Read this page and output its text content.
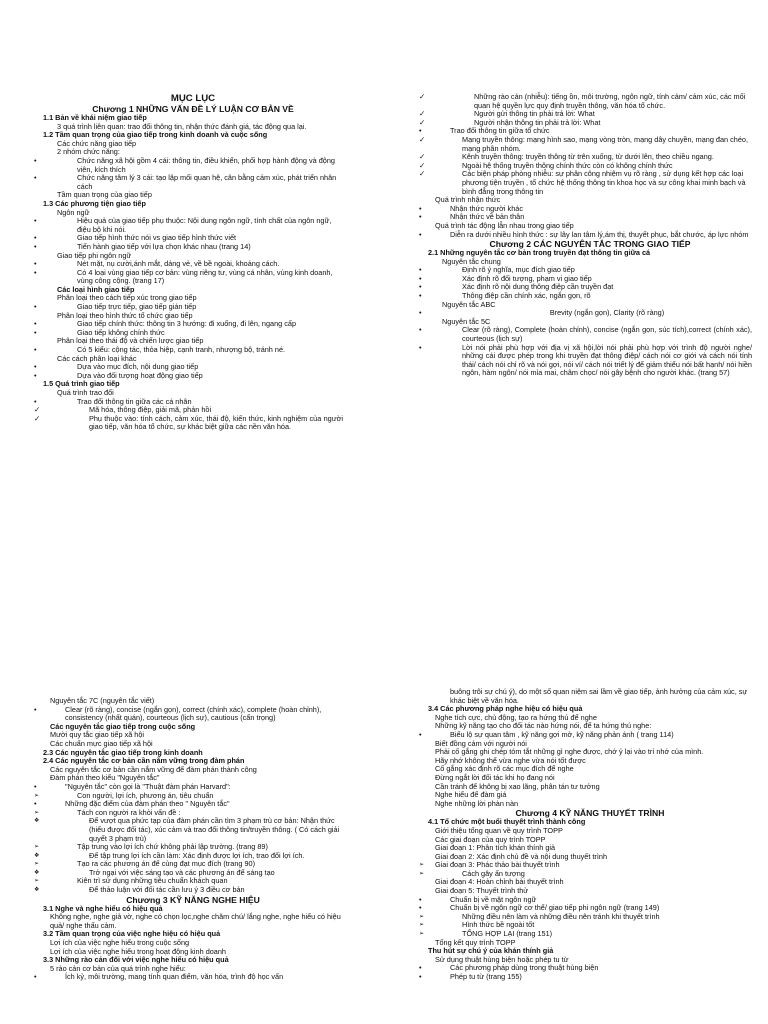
MỤC LỤC
Chương 1 NHỮNG VẤN ĐỀ LÝ LUẬN CƠ BẢN VỀ
1.1 Bản về khái niệm giao tiếp
3 quá trình liên quan: trao đổi thông tin, nhận thức đánh giá, tác động qua lại.
1.2 Tầm quan trọng của giao tiếp trong kinh doanh và cuộc sống
Các chức năng giao tiếp
2 nhóm chức năng:
• Chức năng xã hội gồm 4 cái: thông tin, điều khiển, phối hợp hành động và động viên, kích thích
• Chức năng tâm lý 3 cái: tạo lập mối quan hệ, cân bằng cảm xúc, phát triển nhân cách
Tầm quan trọng của giao tiếp
1.3 Các phương tiện giao tiếp
Ngôn ngữ
• Hiệu quả của giao tiếp phụ thuộc: Nội dung ngôn ngữ, tính chất của ngôn ngữ, điệu bộ khi nói.
• Giao tiếp hình thức nói vs giao tiếp hình thức viết
• Tiến hành giao tiếp với lựa chọn khác nhau (trang 14)
Giao tiếp phi ngôn ngữ
• Nét mặt, nụ cười,ánh mắt, dáng vẻ, về bề ngoài, khoảng cách.
• Có 4 loại vùng giao tiếp cơ bản: vùng riêng tư, vùng cá nhân, vùng kinh doanh, vùng công cộng. (trang 17)
Các loại hình giao tiếp
Phân loại theo cách tiếp xúc trong giao tiếp
• Giao tiếp trực tiếp, giao tiếp gián tiếp
Phân loại theo hình thức tổ chức giao tiếp
• Giao tiếp chính thức: thông tin 3 hướng: đi xuống, đi lên, ngang cấp
• Giao tiếp không chính thức
Phân loại theo thái độ và chiến lược giao tiếp
• Có 5 kiểu: cộng tác, thỏa hiệp, cạnh tranh, nhượng bộ, tránh né.
Các cách phân loại khác
• Dựa vào mục đích, nội dung giao tiếp
• Dựa vào đối tượng hoạt động giao tiếp
1.5 Quá trình giao tiếp
Quá trình trao đổi
• Trao đổi thông tin giữa các cá nhân
✓ Mã hóa, thông điệp, giải mã, phản hồi
✓ Phụ thuộc vào: tính cách, cảm xúc, thái độ, kiến thức, kinh nghiệm của người giao tiếp, văn hóa tổ chức, sự khác biệt giữa các nền văn hóa.
✓ Những rào cản (nhiễu): tiếng ồn, môi trường, ngôn ngữ, tính cảm/ cảm xúc, các mối quan hệ quyền lực quy định truyền thông, văn hóa tổ chức.
✓ Người gửi thông tin phải trả lời: What
✓ Người nhận thông tin phải trả lời: What
• Trao đổi thông tin giữa tổ chức
✓ Mạng truyền thông: mạng hình sao, mạng vòng tròn, mạng dây chuyền, mạng đan chéo, mạng phân nhóm.
✓ Kênh truyền thông: truyền thông từ trên xuống, từ dưới lên, theo chiều ngang.
✓ Ngoài hệ thống truyền thông chính thức còn có không chính thức
✓ Các biện pháp phòng nhiễu: sự phân công nhiệm vụ rõ ràng , sử dụng kết hợp các loại phương tiện truyền , tổ chức hệ thống thông tin khoa học và sự công khai minh bạch và bình đẳng trong thông tin
Quá trình nhận thức
• Nhận thức người khác
• Nhận thức về bản thân
Quá trình tác động lẫn nhau trong giao tiếp
• Diễn ra dưới nhiều hình thức : sự lây lan tâm lý,ám thị, thuyết phục, bắt chước, áp lực nhóm
Chương 2 CÁC NGUYÊN TẮC TRONG GIAO TIẾP
2.1 Những nguyên tắc cơ bản trong truyền đạt thông tin giữa cá
Nguyên tắc chung
• Định rõ ý nghĩa, mục đích giao tiếp
• Xác định rõ đối tượng, phạm vi giao tiếp
• Xác định rõ nội dung thông điệp cần truyền đạt
• Thông điệp cần chính xác, ngắn gọn, rõ
Nguyên tắc ABC
• Brevity (ngắn gọn), Clarity (rõ ràng)
Nguyên tắc 5C
• Clear (rõ ràng), Complete (hoàn chỉnh), concise (ngắn gọn, súc tích),correct (chính xác), courteous (lịch sự)
• Lời nói phải phù hợp với địa vị xã hội,lời nói phải phù hợp với trình độ người nghe/ những cái được phép trong khi truyền đạt thông điệp/ cách nói cơ giới và cách nói tính thái/ cách nói chỉ rõ và nói gợi, nói ví/ cách nói triết lý để giảm thiểu nói bất hạnh/ nói hiền ngôn, hàm ngôn/ nói mỉa mai, châm chọc/ nói gây bệnh cho người khác. (trang 57)
Nguyên tắc 7C (nguyên tắc viết)
• Clear (rõ ràng), concise (ngắn gọn), correct (chính xác), complete (hoàn chỉnh), consistency (nhất quán), courteous (lịch sự), cautious (cẩn trọng)
Các nguyên tắc giao tiếp trong cuộc sống
Mười quy tắc giao tiếp xã hội
Các chuẩn mực giao tiếp xã hội
2.3 Các nguyên tắc giao tiếp trong kinh doanh
2.4 Các nguyên tắc cơ bản cần nắm vững trong đàm phán
Các nguyên tắc cơ bản cần nắm vững để đàm phán thành công
Đàm phán theo kiểu "Nguyên tắc"
• "Nguyên tắc" còn gọi là "Thuật đàm phán Harvard":
➢ Con người, lợi ích, phương án, tiêu chuẩn
• Những đặc điểm của đàm phán theo " Nguyên tắc"
➢ Tách con người ra khỏi vấn đề :
❖ Để vượt qua phức tạp của đàm phán cần tìm 3 phạm trù cơ bản: Nhận thức (hiểu được đối tác), xúc cảm và trao đổi thông tin/truyền thông. ( Có cách giải quyết 3 phạm trù)
➢ Tập trung vào lợi ích chứ không phải lập trường. (trang 89)
❖ Để tập trung lợi ích cần làm: Xác định được lợi ích, trao đổi lợi ích.
➢ Tạo ra các phương án để cùng đạt mục đích (trang 90)
❖ Trở ngại với việc sáng tạo và các phương án để sáng tạo
➢ Kiên trì sử dụng những tiêu chuẩn khách quan
❖ Để thảo luận với đối tác cần lưu ý 3 điều cơ bản
Chương 3 KỸ NĂNG NGHE HIỆU
3.1 Nghe và nghe hiểu có hiệu quả
Không nghe, nghe giả vờ, nghe có chọn lọc,nghe chăm chú/ lắng nghe, nghe hiểu có hiệu quả/ nghe thấu cảm.
3.2 Tầm quan trọng của việc nghe hiệu có hiệu quả
Lợi ích của việc nghe hiểu trong cuộc sống
Lợi ích của việc nghe hiểu trong hoạt động kinh doanh
3.3 Những rào cản đối với việc nghe hiểu có hiệu quả
5 rào cản cơ bản của quá trình nghe hiểu:
• Ích kỷ, môi trường, mang tính quan điểm, văn hóa, trình độ học vấn
buông trôi sự chú ý), do một số quan niệm sai lầm về giao tiếp, ảnh hưởng của cảm xúc, sự khác biệt về văn hóa.
3.4 Các phương pháp nghe hiệu có hiệu quả
Nghe tích cực, chủ động, tạo ra hứng thú để nghe
Những kỹ năng tạo cho đối tác nào hứng nói, để ta hứng thú nghe:
• Biểu lộ sự quan tâm , kỹ năng gợi mở, kỹ năng phản ánh ( trang 114)
Biết đồng cảm với người nói
Phải cố gắng ghi chép tóm tắt những gì nghe được, chớ ỷ lại vào trí nhớ của mình.
Hãy nhớ không thể vừa nghe vừa nói tốt được
Cố gắng xác định rõ các mục đích để nghe
Đừng ngắt lời đối tác khi họ đang nói
Cần tránh để không bị xao lãng, phân tán tư tưởng
Nghe hiểu để đàm giá
Nghe những lời phàn nàn
Chương 4 KỸ NĂNG THUYẾT TRÌNH
4.1 Tổ chức một buổi thuyết trình thành công
Giới thiệu tổng quan về quy trình TOPP
Các giai đoạn của quy trình TOPP
Giai đoạn 1: Phân tích khán thính giả
Giai đoạn 2: Xác định chủ đề và nội dung thuyết trình
Giai đoạn 3: Phác thảo bài thuyết trình
➢ Cách gây ấn tượng
Giai đoạn 4: Hoàn chỉnh bài thuyết trình
Giai đoạn 5: Thuyết trình thử
• Chuẩn bị về mặt ngôn ngữ
• Chuẩn bị về ngôn ngữ cơ thể/ giao tiếp phi ngôn ngữ (trang 149)
➢ Những điều nên làm và những điều nên tránh khi thuyết trình
➢ Hình thức bề ngoài tốt
➢ TỔNG HỢP LẠI (trang 151)
Tổng kết quy trình TOPP
Thu hút sự chú ý của khán thính giả
Sử dụng thuật hùng biện hoặc phép tu từ
• Các phương pháp dùng trong thuật hùng biện
• Phép tu từ (trang 155)
